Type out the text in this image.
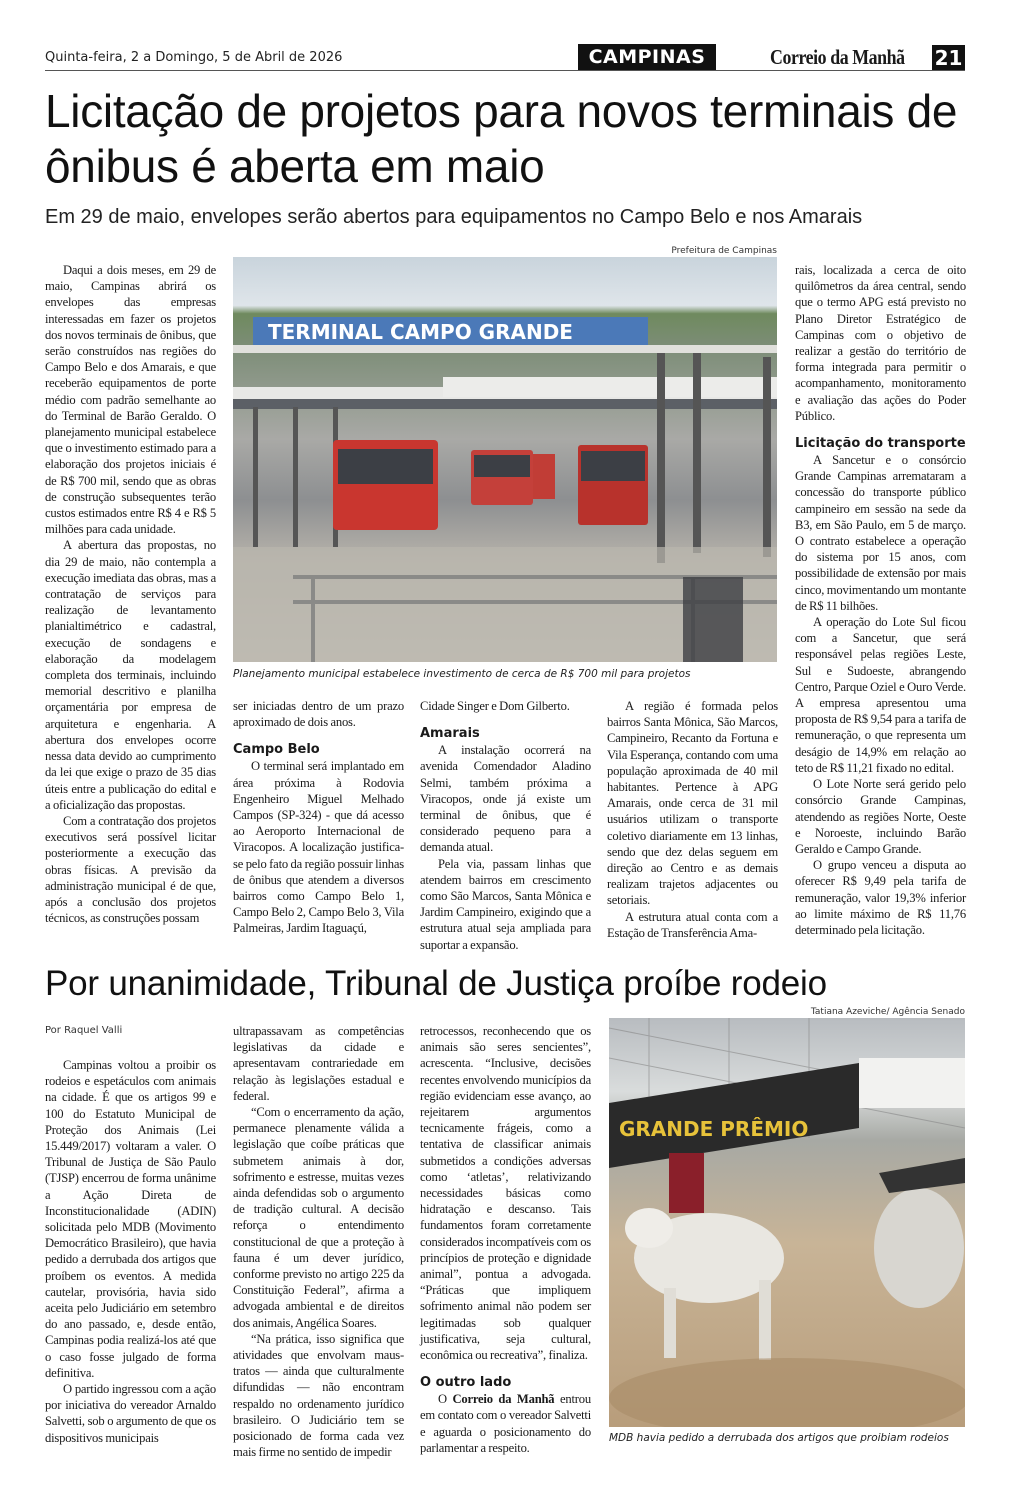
Quinta-feira, 2 a Domingo, 5 de Abril de 2026	CAMPINAS	Correio da Manhã 21
Licitação de projetos para novos terminais de ônibus é aberta em maio
Em 29 de maio, envelopes serão abertos para equipamentos no Campo Belo e nos Amarais
Prefeitura de Campinas
TERMINAL CAMPO GRANDE
Planejamento municipal estabelece investimento de cerca de R$ 700 mil para projetos

Daqui a dois meses, em 29 de maio, Campinas abrirá os envelopes das empresas interessadas em fazer os projetos dos novos terminais de ônibus, que serão construídos nas regiões do Campo Belo e dos Amarais, e que receberão equipamentos de porte médio com padrão semelhante ao do Terminal de Barão Geraldo. O planejamento municipal estabelece que o investimento estimado para a elaboração dos projetos iniciais é de R$ 700 mil, sendo que as obras de construção subsequentes terão custos estimados entre R$ 4 e R$ 5 milhões para cada unidade.

A abertura das propostas, no dia 29 de maio, não contempla a execução imediata das obras, mas a contratação de serviços para realização de levantamento planialtimétrico e cadastral, execução de sondagens e elaboração da modelagem completa dos terminais, incluindo memorial descritivo e planilha orçamentária por empresa de arquitetura e engenharia. A abertura dos envelopes ocorre nessa data devido ao cumprimento da lei que exige o prazo de 35 dias úteis entre a publicação do edital e a oficialização das propostas.

Com a contratação dos projetos executivos será possível licitar posteriormente a execução das obras físicas. A previsão da administração municipal é de que, após a conclusão dos projetos técnicos, as construções possam

ser iniciadas dentro de um prazo aproximado de dois anos.

Campo Belo

O terminal será implantado em área próxima à Rodovia Engenheiro Miguel Melhado Campos (SP-324) - que dá acesso ao Aeroporto Internacional de Viracopos. A localização justifica-se pelo fato da região possuir linhas de ônibus que atendem a diversos bairros como Campo Belo 1, Campo Belo 2, Campo Belo 3, Vila Palmeiras, Jardim Itaguaçú,

Cidade Singer e Dom Gilberto.

Amarais

A instalação ocorrerá na avenida Comendador Aladino Selmi, também próxima a Viracopos, onde já existe um terminal de ônibus, que é considerado pequeno para a demanda atual.

Pela via, passam linhas que atendem bairros em crescimento como São Marcos, Santa Mônica e Jardim Campineiro, exigindo que a estrutura atual seja ampliada para suportar a expansão.

A região é formada pelos bairros Santa Mônica, São Marcos, Campineiro, Recanto da Fortuna e Vila Esperança, contando com uma população aproximada de 40 mil habitantes. Pertence à APG Amarais, onde cerca de 31 mil usuários utilizam o transporte coletivo diariamente em 13 linhas, sendo que dez delas seguem em direção ao Centro e as demais realizam trajetos adjacentes ou setoriais.

A estrutura atual conta com a Estação de Transferência Ama-

rais, localizada a cerca de oito quilômetros da área central, sendo que o termo APG está previsto no Plano Diretor Estratégico de Campinas com o objetivo de realizar a gestão do território de forma integrada para permitir o acompanhamento, monitoramento e avaliação das ações do Poder Público.

Licitação do transporte

A Sancetur e o consórcio Grande Campinas arremataram a concessão do transporte público campineiro em sessão na sede da B3, em São Paulo, em 5 de março. O contrato estabelece a operação do sistema por 15 anos, com possibilidade de extensão por mais cinco, movimentando um montante de R$ 11 bilhões.

A operação do Lote Sul ficou com a Sancetur, que será responsável pelas regiões Leste, Sul e Sudoeste, abrangendo Centro, Parque Oziel e Ouro Verde. A empresa apresentou uma proposta de R$ 9,54 para a tarifa de remuneração, o que representa um deságio de 14,9% em relação ao teto de R$ 11,21 fixado no edital.

O Lote Norte será gerido pelo consórcio Grande Campinas, atendendo as regiões Norte, Oeste e Noroeste, incluindo Barão Geraldo e Campo Grande.

O grupo venceu a disputa ao oferecer R$ 9,49 pela tarifa de remuneração, valor 19,3% inferior ao limite máximo de R$ 11,76 determinado pela licitação.

Por unanimidade, Tribunal de Justiça proíbe rodeio
Por Raquel Valli

Campinas voltou a proibir os rodeios e espetáculos com animais na cidade. É que os artigos 99 e 100 do Estatuto Municipal de Proteção dos Animais (Lei 15.449/2017) voltaram a valer. O Tribunal de Justiça de São Paulo (TJSP) encerrou de forma unânime a Ação Direta de Inconstitucionalidade (ADIN) solicitada pelo MDB (Movimento Democrático Brasileiro), que havia pedido a derrubada dos artigos que proíbem os eventos. A medida cautelar, provisória, havia sido aceita pelo Judiciário em setembro do ano passado, e, desde então, Campinas podia realizá-los até que o caso fosse julgado de forma definitiva.

O partido ingressou com a ação por iniciativa do vereador Arnaldo Salvetti, sob o argumento de que os dispositivos municipais

ultrapassavam as competências legislativas da cidade e apresentavam contrariedade em relação às legislações estadual e federal.

“Com o encerramento da ação, permanece plenamente válida a legislação que coíbe práticas que submetem animais à dor, sofrimento e estresse, muitas vezes ainda defendidas sob o argumento de tradição cultural. A decisão reforça o entendimento constitucional de que a proteção à fauna é um dever jurídico, conforme previsto no artigo 225 da Constituição Federal”, afirma a advogada ambiental e de direitos dos animais, Angélica Soares.

“Na prática, isso significa que atividades que envolvam maus-tratos — ainda que culturalmente difundidas — não encontram respaldo no ordenamento jurídico brasileiro. O Judiciário tem se posicionado de forma cada vez mais firme no sentido de impedir

retrocessos, reconhecendo que os animais são seres sencientes”, acrescenta. “Inclusive, decisões recentes envolvendo municípios da região evidenciam esse avanço, ao rejeitarem argumentos tecnicamente frágeis, como a tentativa de classificar animais submetidos a condições adversas como ‘atletas’, relativizando necessidades básicas como hidratação e descanso. Tais fundamentos foram corretamente considerados incompatíveis com os princípios de proteção e dignidade animal”, pontua a advogada. “Práticas que impliquem sofrimento animal não podem ser legitimadas sob qualquer justificativa, seja cultural, econômica ou recreativa”, finaliza.

O outro lado

O Correio da Manhã entrou em contato com o vereador Salvetti e aguarda o posicionamento do parlamentar a respeito.

Tatiana Azeviche/ Agência Senado
GRANDE PRÊMIO
MDB havia pedido a derrubada dos artigos que proibiam rodeios
